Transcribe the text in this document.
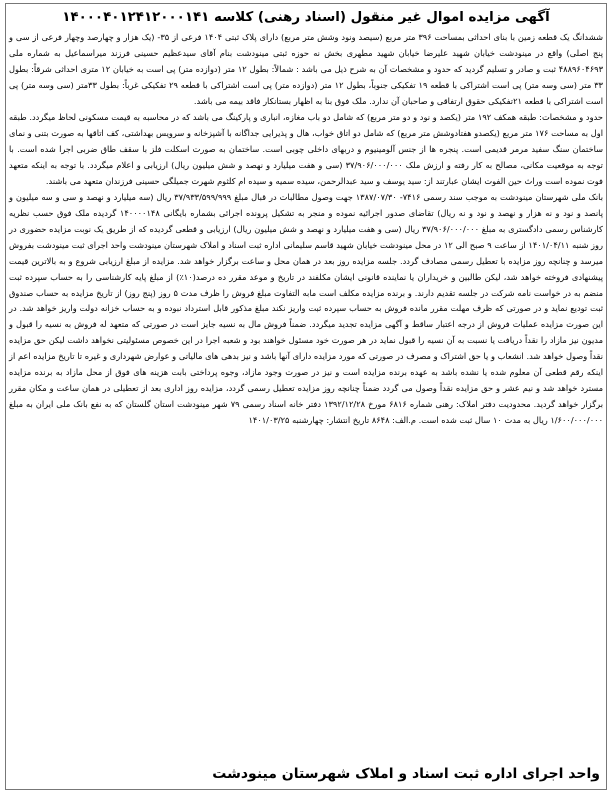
آگهی مزایده اموال غیر منقول (اسناد رهنی) کلاسه ۱۴۰۰۰۴۰۱۲۴۱۲۰۰۰۱۴۱

ششدانگ یک قطعه زمین با بنای احداثی بمساحت ۳۹۶ متر مربع (سیصد ونود وشش متر مربع) دارای پلاک ثبتی ۱۴۰۴ فرعی از ۳۵- (یک هزار و چهارصد وچهار فرعی از سی و پنج اصلی) واقع در مینودشت خیابان شهید علیرضا خیابان شهید مطهری بخش نه حوزه ثبتی مینودشت بنام آقای سیدعظیم حسینی فرزند میراسماعیل به شماره ملی ۴۸۸۹۶۰۴۶۹۳ ثبت و صادر و تسلیم گردید که حدود و مشخصات آن به شرح ذیل می باشد : شمالاً: بطول ۱۲ متر (دوازده متر) پی است به خیابان ۱۲ متری احداثی شرقاً: بطول ۳۳ متر (سی وسه متر) پی است اشتراکی با قطعه ۱۹ تفکیکی جنوباً، بطول ۱۲ متر (دوازده متر) پی است اشتراکی با قطعه ۲۹ تفکیکی غرباً: بطول ۳۳متر (سی وسه متر) پی است اشتراکی با قطعه ۲۱تفکیکی حقوق ارتفاقی و صاحبان آن ندارد. ملک فوق بنا به اظهار بستانکار فاقد بیمه می باشد.

حدود و مشخصات: طبقه همکف ۱۹۲ متر (یکصد و نود و دو متر مربع) که شامل دو باب مغازه، انباری و پارکینگ می باشد که در محاسبه به قیمت مسکونی لحاظ میگردد. طبقه اول به مساحت ۱۷۶ متر مربع (یکصدو هفتادوشش متر مربع) که شامل دو اتاق خواب، هال و پذیرایی جداگانه با آشپزخانه و سرویس بهداشتی، کف اتاقها به صورت بتنی و نمای ساختمان سنگ سفید مرمر قدیمی است. پنجره ها از جنس آلومینیوم و دربهای داخلی چوبی است. ساختمان به صورت اسکلت فلز با سقف طاق ضربی اجرا شده است. با توجه به موقعیت مکانی، مصالح به کار رفته و ارزش ملک ۳۷/۹۰۶/۰۰۰/۰۰۰ (سی و هفت میلیارد و نهصد و شش میلیون ریال) ارزیابی و اعلام میگردد. با توجه به اینکه متعهد فوت نموده است وراث حین الفوت ایشان عبارتند از: سید یوسف و سید عبدالرحمن، سیده سمیه و سیده ام کلثوم شهرت جمیلگی حسینی فرزندان متعهد می باشند.

بانک ملی شهرستان مینودشت به موجب سند رسمی ۷۴۱۶- ۱۳۸۷/۰۷/۳۰ جهت وصول مطالبات در قبال مبلغ ۳۷/۹۳۳/۵۹۹/۹۹۹ ریال (سه میلیارد و نهصد و سی و سه میلیون و پانصد و نود و نه هزار و نهصد و نود و نه ریال) تقاضای صدور اجرائیه نموده و منجر به تشکیل پرونده اجرائی بشماره بایگانی ۱۴۰۰۰۰۱۴۸ گردیده ملک فوق حسب نظریه کارشناس رسمی دادگستری به مبلغ ۳۷/۹۰۶/۰۰۰/۰۰۰ ریال (سی و هفت میلیارد و نهصد و شش میلیون ریال) ارزیابی و قطعی گردیده که از طریق یک نوبت مزایده حضوری در روز شنبه ۱۴۰۱/۰۴/۱۱ از ساعت ۹ صبح الی ۱۲ در محل مینودشت خیابان شهید قاسم سلیمانی اداره ثبت اسناد و املاک شهرستان مینودشت واحد اجرای ثبت مینودشت بفروش میرسد و چنانچه روز مزایده با تعطیل رسمی مصادف گردد. جلسه مزایده روز بعد در همان محل و ساعت برگزار خواهد شد. مزایده از مبلغ ارزیابی شروع و به بالاترین قیمت پیشنهادی فروخته خواهد شد، لیکن طالبین و خریداران یا نماینده قانونی ایشان مکلفند در تاریخ و موعد مقرر ده درصد(۱۰٪) از مبلغ پایه کارشناسی را به حساب سپرده ثبت منضم به در خواست نامه شرکت در جلسه تقدیم دارند. و برنده مزایده مکلف است مابه التفاوت مبلغ فروش را ظرف مدت ۵ روز (پنج روز) از تاریخ مزایده به حساب صندوق ثبت تودیع نماید و در صورتی که ظرف مهلت مقرر مانده فروش به حساب سپرده ثبت واریز نکند مبلغ مذکور قابل استرداد نبوده و به حساب خزانه دولت واریز خواهد شد. در این صورت مزایده عملیات فروش از درجه اعتبار ساقط و آگهی مزایده تجدید میگردد. ضمناً فروش مال به نسیه جایز است در صورتی که متعهد له فروش به نسیه را قبول و مدیون نیز مازاد را نقداً دریافت یا نسبت به آن نسیه را قبول نماید در هر صورت خود مسئول خواهند بود و شعبه اجرا در این خصوص مسئولیتی نخواهد داشت لیکن حق مزایده نقداً وصول خواهد شد. انشعاب و یا حق اشتراک و مصرف در صورتی که مورد مزایده دارای آنها باشد و نیز بدهی های مالیاتی و عوارض شهرداری و غیره تا تاریخ مزایده اعم از اینکه رقم قطعی آن معلوم شده یا نشده باشد به عهده برنده مزایده است و نیز در صورت وجود مازاد، وجوه پرداختی بابت هزینه های فوق از محل مازاد به برنده مزایده مسترد خواهد شد و نیم عشر و حق مزایده نقداً وصول می گردد ضمناً چنانچه روز مزایده تعطیل رسمی گردد، مزایده روز اداری بعد از تعطیلی در همان ساعت و مکان مقرر برگزار خواهد گردید. محدودیت دفتر املاک: رهنی شماره ۶۸۱۶ مورخ ۱۳۹۲/۱۲/۲۸ دفتر خانه اسناد رسمی ۷۹ شهر مینودشت استان گلستان که به نفع بانک ملی ایران به مبلغ ۱/۶۰۰/۰۰۰/۰۰۰ ریال به مدت ۱۰ سال ثبت شده است. م.الف: ۸۶۴۸ تاریخ انتشار: چهارشنبه ۱۴۰۱/۰۳/۲۵

واحد اجرای اداره ثبت اسناد و املاک شهرستان مینودشت
